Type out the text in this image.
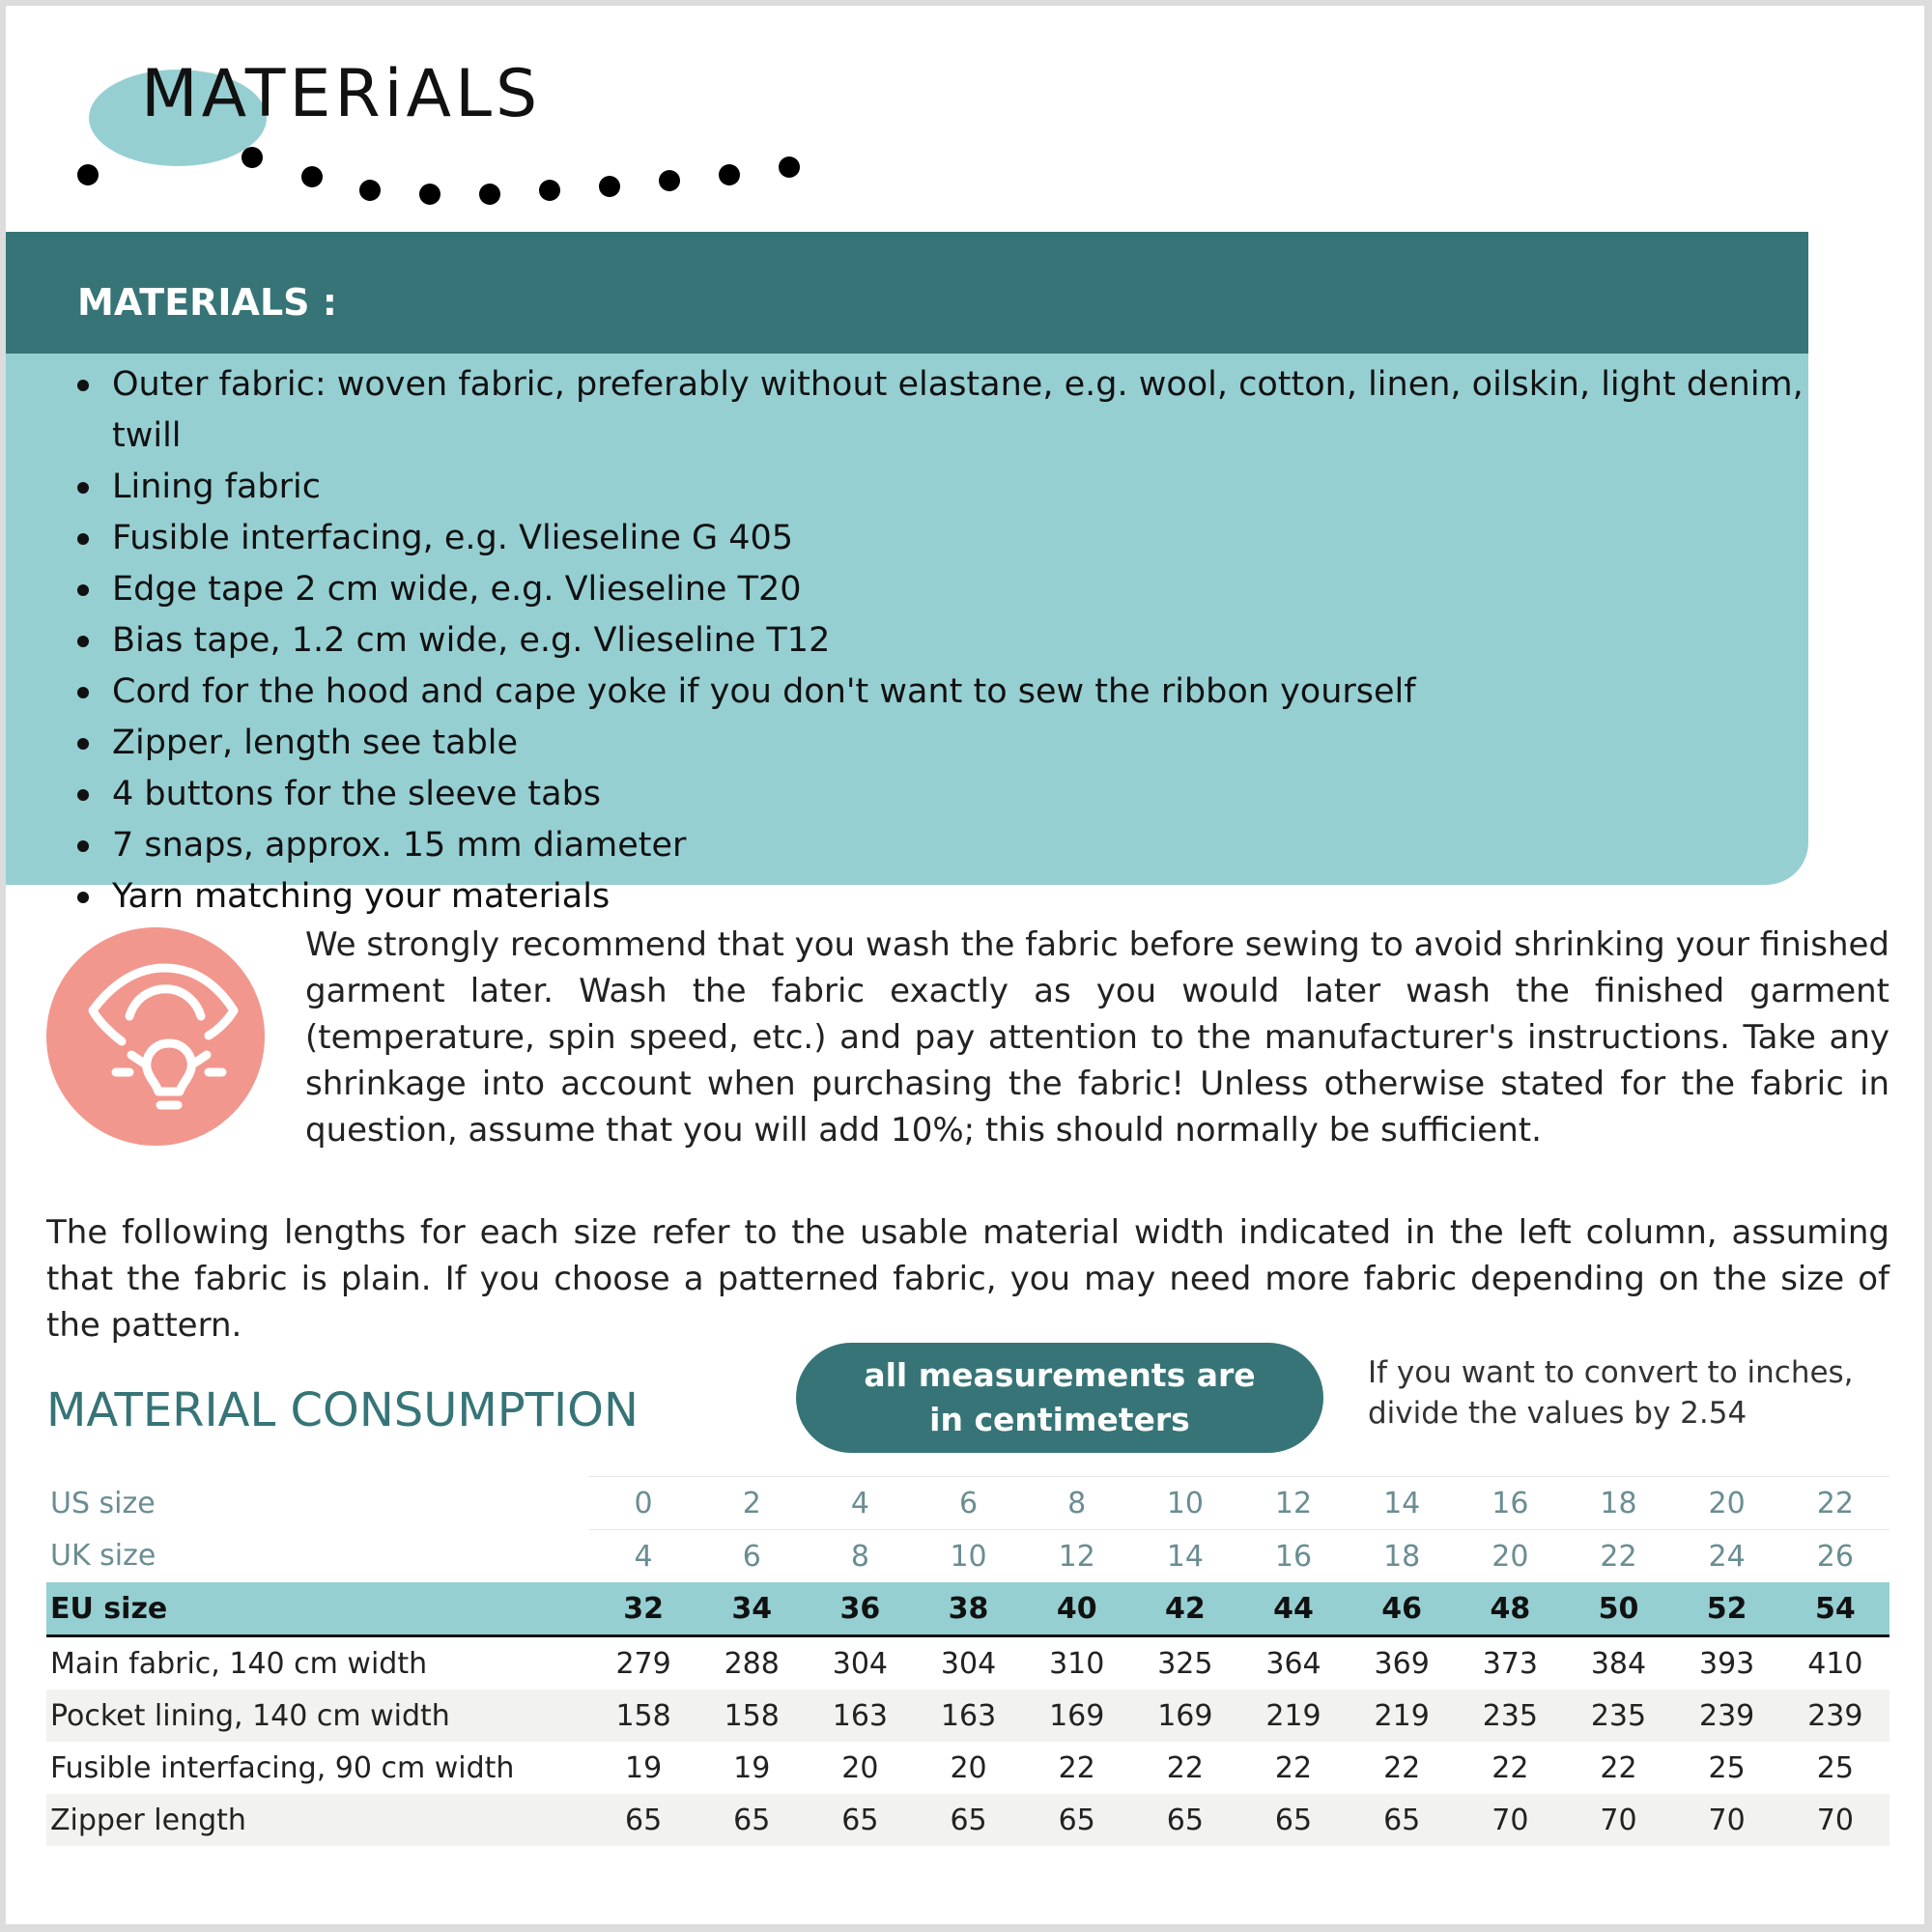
MATERiALS
MATERIALS :
Outer fabric: woven fabric, preferably without elastane, e.g. wool, cotton, linen, oilskin, light denim, twill
Lining fabric
Fusible interfacing, e.g. Vlieseline G 405
Edge tape 2 cm wide, e.g. Vlieseline T20
Bias tape, 1.2 cm wide, e.g. Vlieseline T12
Cord for the hood and cape yoke if you don't want to sew the ribbon yourself
Zipper, length see table
4 buttons for the sleeve tabs
7 snaps, approx. 15 mm diameter
Yarn matching your materials
We strongly recommend that you wash the fabric before sewing to avoid shrinking your finished garment later. Wash the fabric exactly as you would later wash the finished garment (temperature, spin speed, etc.) and pay attention to the manufacturer's instructions. Take any shrinkage into account when purchasing the fabric! Unless otherwise stated for the fabric in question, assume that you will add 10%; this should normally be sufficient.
The following lengths for each size refer to the usable material width indicated in the left column, assuming that the fabric is plain. If you choose a patterned fabric, you may need more fabric depending on the size of the pattern.
MATERIAL CONSUMPTION
all measurements are
in centimeters
If you want to convert to inches, divide the values by 2.54
US size	0	2	4	6	8	10	12	14	16	18	20	22
UK size	4	6	8	10	12	14	16	18	20	22	24	26
EU size	32	34	36	38	40	42	44	46	48	50	52	54
Main fabric, 140 cm width	279	288	304	304	310	325	364	369	373	384	393	410
Pocket lining, 140 cm width	158	158	163	163	169	169	219	219	235	235	239	239
Fusible interfacing, 90 cm width	19	19	20	20	22	22	22	22	22	22	25	25
Zipper length	65	65	65	65	65	65	65	65	70	70	70	70
